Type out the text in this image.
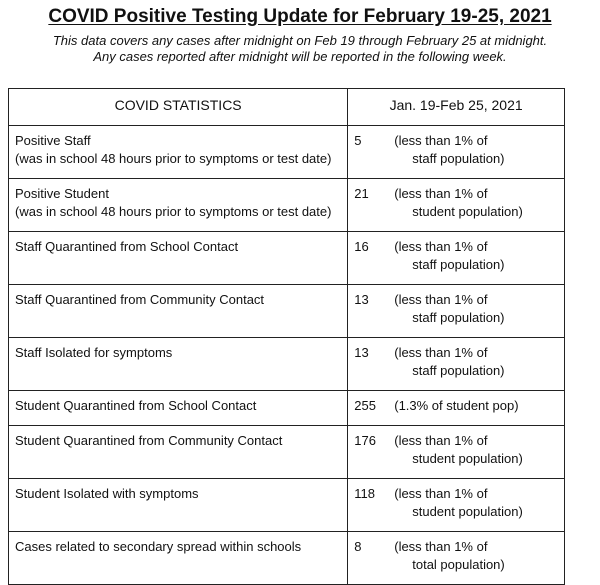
COVID Positive Testing Update for February 19-25, 2021
This data covers any cases after midnight on Feb 19 through February 25 at midnight.
Any cases reported after midnight will be reported in the following week.
COVID STATISTICS	Jan. 19-Feb 25, 2021

Positive Staff
(was in school 48 hours prior to symptoms or test date)	5 (less than 1% of
staff population)

Positive Student
(was in school 48 hours prior to symptoms or test date)	21 (less than 1% of
student population)

Staff Quarantined from School Contact	16 (less than 1% of
staff population)

Staff Quarantined from Community Contact	13 (less than 1% of
staff population)

Staff Isolated for symptoms	13 (less than 1% of
staff population)

Student Quarantined from School Contact	255 (1.3% of student pop)

Student Quarantined from Community Contact	176 (less than 1% of
student population)

Student Isolated with symptoms	118 (less than 1% of
student population)

Cases related to secondary spread within schools	8 (less than 1% of
total population)
